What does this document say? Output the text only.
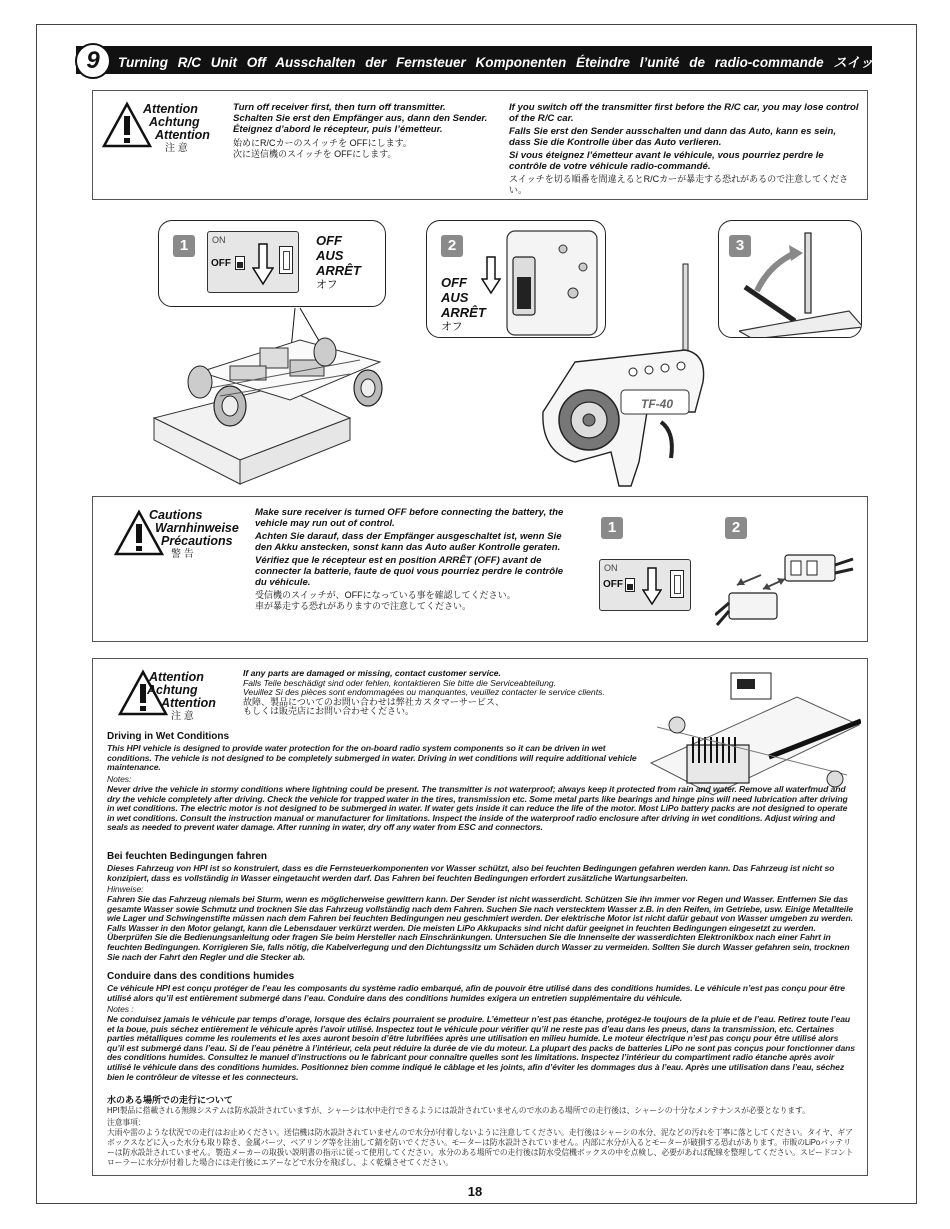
9	Turning R/C Unit Off Ausschalten der Fernsteuer Komponenten Éteindre l’unité de radio-commande スイッチの切り方
Attention
Achtung
Attention
注 意
Turn off receiver first, then turn off transmitter.
Schalten Sie erst den Empfänger aus, dann den Sender.
Éteignez d’abord le récepteur, puis l’émetteur.
始めにR/Cカーのスイッチを OFFにします。
次に送信機のスイッチを OFFにします。

If you switch off the transmitter first before the R/C car, you may lose control of the R/C car.

Falls Sie erst den Sender ausschalten und dann das Auto, kann es sein, dass Sie die Kontrolle über das Auto verlieren.

Si vous éteignez l’émetteur avant le véhicule, vous pourriez perdre le contrôle de votre véhicule radio-commandé.

スイッチを切る順番を間違えるとR/Cカーが暴走する恐れがあるので注意してください。

1	ON
OFF
OFF
AUS
ARRÊT
オフ
2
OFF
AUS
ARRÊT
オフ
3
TF-40
Cautions
Warnhinweise
Précautions
警 告

Make sure receiver is turned OFF before connecting the battery, the vehicle may run out of control.

Achten Sie darauf, dass der Empfänger ausgeschaltet ist, wenn Sie den Akku anstecken, sonst kann das Auto außer Kontrolle geraten.

Vérifiez que le récepteur est en position ARRÊT (OFF) avant de connecter la batterie, faute de quoi vous pourriez perdre le contrôle du véhicule.

受信機のスイッチが、OFFになっている事を確認してください。
車が暴走する恐れがありますので注意してください。
1	2
ON
OFF
Attention
Achtung
Attention
注 意
If any parts are damaged or missing, contact customer service.
Falls Teile beschädigt sind oder fehlen, kontaktieren Sie bitte die Serviceabteilung.
Veuillez Si des pièces sont endommagées ou manquantes, veuillez contacter le service clients.
故障、製品についてのお問い合わせは弊社カスタマーサービス、
もしくは販売店にお問い合わせください。
Driving in Wet Conditions
This HPI vehicle is designed to provide water protection for the on-board radio system components so it can be driven in wet conditions. The vehicle is not designed to be completely submerged in water. Driving in wet conditions will require additional vehicle maintenance.
Notes:
Never drive the vehicle in stormy conditions where lightning could be present. The transmitter is not waterproof; always keep it protected from rain and water. Remove all waterfmud and dry the vehicle completely after driving. Check the vehicle for trapped water in the tires, transmission etc. Some metal parts like bearings and hinge pins will need lubrication after driving in wet conditions. The electric motor is not designed to be submerged in water. If water gets inside it can reduce the life of the motor. Most LiPo battery packs are not designed to operate in wet conditions. Consult the instruction manual or manufacturer for limitations. Inspect the inside of the waterproof radio enclosure after driving in wet conditions. Adjust wiring and seals as needed to prevent water damage. After running in water, dry off any water from ESC and connectors.
Bei feuchten Bedingungen fahren
Dieses Fahrzeug von HPI ist so konstruiert, dass es die Fernsteuerkomponenten vor Wasser schützt, also bei feuchten Bedingungen gefahren werden kann. Das Fahrzeug ist nicht so konzipiert, dass es vollständig in Wasser eingetaucht werden darf. Das Fahren bei feuchten Bedingungen erfordert zusätzliche Wartungsarbeiten.
Hinweise:
Fahren Sie das Fahrzeug niemals bei Sturm, wenn es möglicherweise gewittern kann. Der Sender ist nicht wasserdicht. Schützen Sie ihn immer vor Regen und Wasser. Entfernen Sie das gesamte Wasser sowie Schmutz und trocknen Sie das Fahrzeug vollständig nach dem Fahren. Suchen Sie nach verstecktem Wasser z.B. in den Reifen, im Getriebe, usw. Einige Metallteile wie Lager und Schwingenstifte müssen nach dem Fahren bei feuchten Bedingungen neu geschmiert werden. Der elektrische Motor ist nicht dafür gebaut von Wasser umgeben zu werden. Falls Wasser in den Motor gelangt, kann die Lebensdauer verkürzt werden. Die meisten LiPo Akkupacks sind nicht dafür geeignet in feuchten Bedingungen eingesetzt zu werden. Überprüfen Sie die Bedienungsanleitung oder fragen Sie beim Hersteller nach Einschränkungen. Untersuchen Sie die Innenseite der wasserdichten Elektronikbox nach einer Fahrt in feuchten Bedingungen. Korrigieren Sie, falls nötig, die Kabelverlegung und den Dichtungssitz um Schäden durch Wasser zu vermeiden. Sollten Sie durch Wasser gefahren sein, trocknen Sie nach der Fahrt den Regler und die Stecker ab.
Conduire dans des conditions humides
Ce véhicule HPI est conçu protéger de l’eau les composants du système radio embarqué, afin de pouvoir être utilisé dans des conditions humides. Le véhicule n’est pas conçu pour être utilisé alors qu’il est entièrement submergé dans l’eau. Conduire dans des conditions humides exigera un entretien supplémentaire du véhicule.
Notes :
Ne conduisez jamais le véhicule par temps d’orage, lorsque des éclairs pourraient se produire. L’émetteur n’est pas étanche, protégez-le toujours de la pluie et de l’eau. Retirez toute l’eau et la boue, puis séchez entièrement le véhicule après l’avoir utilisé. Inspectez tout le véhicule pour vérifier qu’il ne reste pas d’eau dans les pneus, dans la transmission, etc. Certaines parties métalliques comme les roulements et les axes auront besoin d’être lubrifiées après une utilisation en milieu humide. Le moteur électrique n’est pas conçu pour être utilisé alors qu’il est submergé dans l’eau. Si de l’eau pénètre à l’intérieur, cela peut réduire la durée de vie du moteur. La plupart des packs de batteries LiPo ne sont pas conçus pour fonctionner dans des conditions humides. Consultez le manuel d’instructions ou le fabricant pour connaître quelles sont les limitations. Inspectez l’intérieur du compartiment radio étanche après avoir utilisé le véhicule dans des conditions humides. Positionnez bien comme indiqué le câblage et les joints, afin d’éviter les dommages dus à l’eau. Après une utilisation dans l’eau, séchez bien le contrôleur de vitesse et les connecteurs.
水のある場所での走行について
HPI製品に搭載される無線システムは防水設計されていますが、シャーシは水中走行できるようには設計されていませんので水のある場所での走行後は、シャーシの十分なメンテナンスが必要となります。
注意事項：
大雨や雷のような状況での走行はお止めください。送信機は防水設計されていませんので水分が付着しないように注意してください。走行後はシャーシの水分、泥などの汚れを丁寧に落としてください。タイヤ、ギアボックスなどに入った水分も取り除き、金属パーツ、ベアリング等を注油して錆を防いでください。モーターは防水設計されていません。内部に水分が入るとモーターが破損する恐れがあります。市販のLiPoバッテリーは防水設計されていません。製造メーカーの取扱い説明書の指示に従って使用してください。水分のある場所での走行後は防水受信機ボックスの中を点検し、必要があれば配線を整理してください。スピードコントローラーに水分が付着した場合には走行後にエアーなどで水分を飛ばし、よく乾燥させてください。
18
